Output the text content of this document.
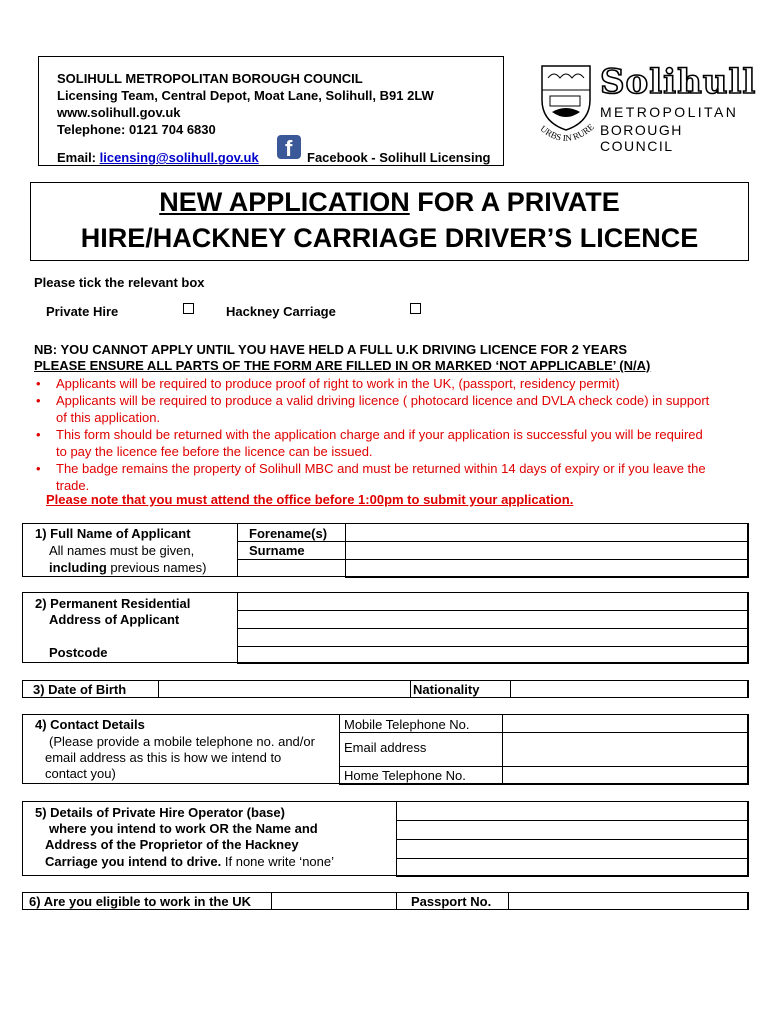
SOLIHULL METROPOLITAN BOROUGH COUNCIL
Licensing Team, Central Depot, Moat Lane, Solihull, B91 2LW
www.solihull.gov.uk
Telephone: 0121 704 6830
Email: licensing@solihull.gov.uk f Facebook - Solihull Licensing
URBS IN RURE
Solihull
METROPOLITAN
BOROUGH COUNCIL
NEW APPLICATION FOR A PRIVATE
HIRE/HACKNEY CARRIAGE DRIVER’S LICENCE
Please tick the relevant box
Private Hire	Hackney Carriage
NB: YOU CANNOT APPLY UNTIL YOU HAVE HELD A FULL U.K DRIVING LICENCE FOR 2 YEARS
PLEASE ENSURE ALL PARTS OF THE FORM ARE FILLED IN OR MARKED ‘NOT APPLICABLE’ (N/A)
• Applicants will be required to produce proof of right to work in the UK, (passport, residency permit)
• Applicants will be required to produce a valid driving licence ( photocard licence and DVLA check code) in support of this application.
• This form should be returned with the application charge and if your application is successful you will be required to pay the licence fee before the licence can be issued.
• The badge remains the property of Solihull MBC and must be returned within 14 days of expiry or if you leave the trade.
Please note that you must attend the office before 1:00pm to submit your application.
1) Full Name of Applicant
All names must be given,
including previous names)
Forename(s)
Surname
2) Permanent Residential
Address of Applicant
Postcode
3) Date of Birth	Nationality
4) Contact Details
(Please provide a mobile telephone no. and/or
email address as this is how we intend to
contact you)
Mobile Telephone No.
Email address
Home Telephone No.
5) Details of Private Hire Operator (base)
where you intend to work OR the Name and
Address of the Proprietor of the Hackney
Carriage you intend to drive. If none write ‘none’
6) Are you eligible to work in the UK	Passport No.
